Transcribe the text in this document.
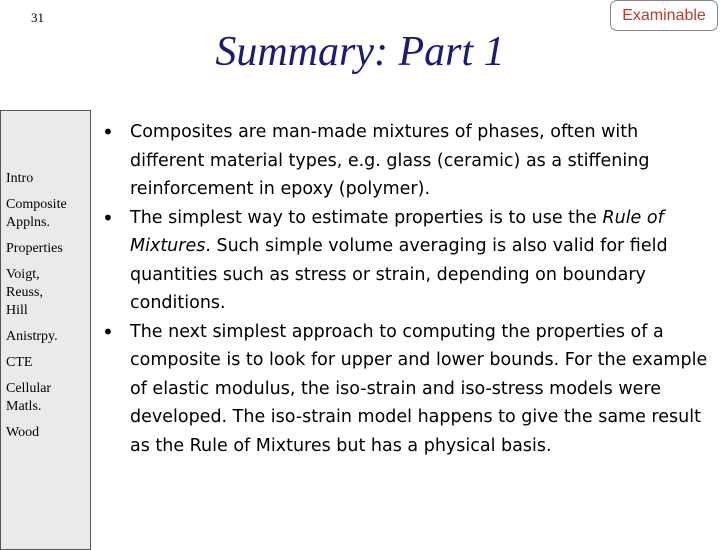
31	Examinable
Summary: Part 1
Intro
Composite
Applns.
Properties
Voigt,
Reuss,
Hill
Anistrpy.
CTE
Cellular
Matls.
Wood
• Composites are man-made mixtures of phases, often with different material types, e.g. glass (ceramic) as a stiffening reinforcement in epoxy (polymer).
• The simplest way to estimate properties is to use the Rule of Mixtures. Such simple volume averaging is also valid for field quantities such as stress or strain, depending on boundary conditions.
• The next simplest approach to computing the properties of a composite is to look for upper and lower bounds. For the example of elastic modulus, the iso-strain and iso-stress models were developed. The iso-strain model happens to give the same result as the Rule of Mixtures but has a physical basis.
